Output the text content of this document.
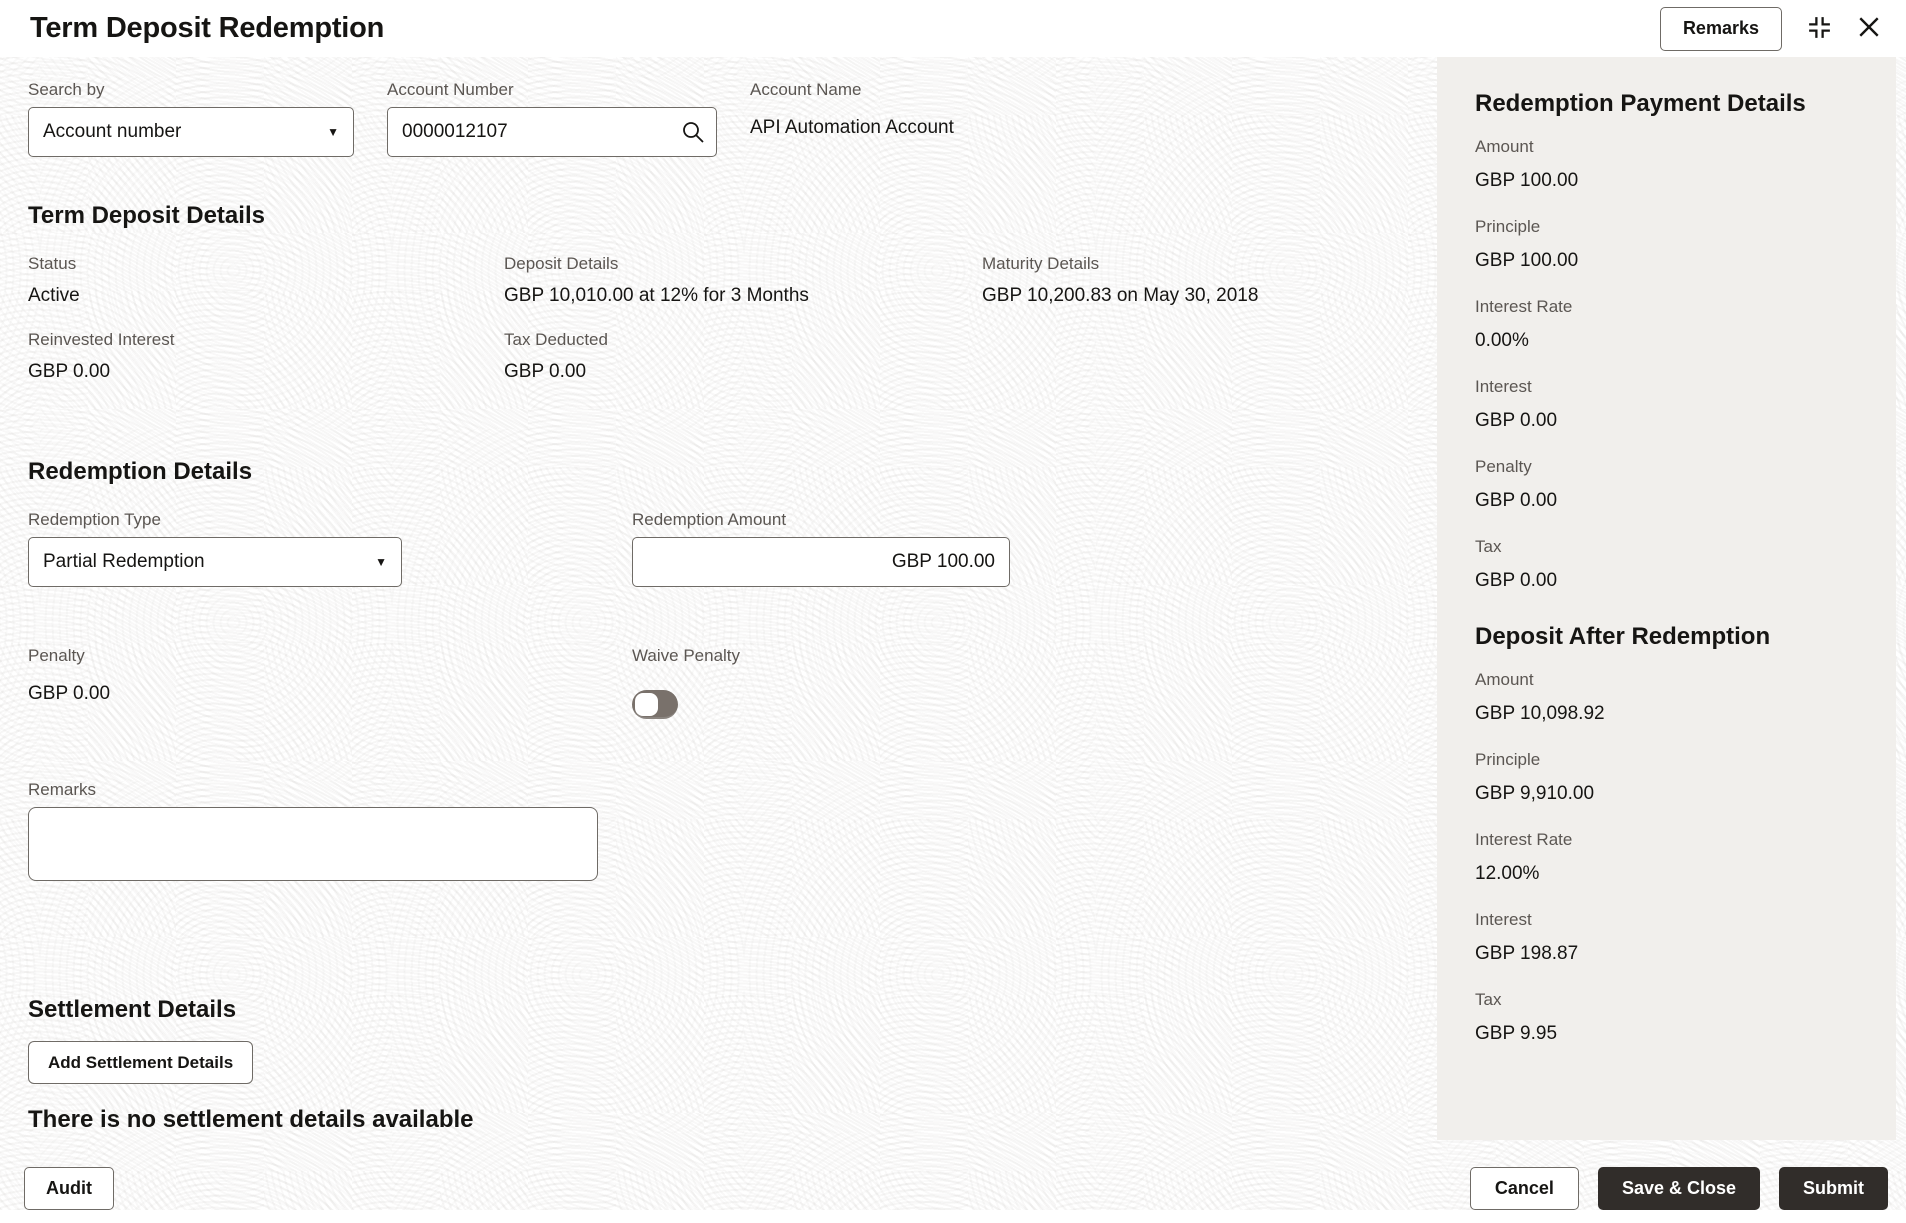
Term Deposit Redemption	Remarks
Search by
Account number	▼
Account Number
0000012107	Account Name
API Automation Account
Term Deposit Details
Status
Active
Deposit Details
GBP 10,010.00 at 12% for 3 Months
Maturity Details
GBP 10,200.83 on May 30, 2018
Reinvested Interest
GBP 0.00
Tax Deducted
GBP 0.00
Redemption Details
Redemption Type
Partial Redemption	▼
Redemption Amount
GBP 100.00
Penalty
GBP 0.00
Waive Penalty
Remarks
Settlement Details
Add Settlement Details
There is no settlement details available
Redemption Payment Details
Amount
GBP 100.00
Principle
GBP 100.00
Interest Rate
0.00%
Interest
GBP 0.00
Penalty
GBP 0.00
Tax
GBP 0.00
Deposit After Redemption
Amount
GBP 10,098.92
Principle
GBP 9,910.00
Interest Rate
12.00%
Interest
GBP 198.87
Tax
GBP 9.95
Audit	Cancel	Save & Close	Submit
